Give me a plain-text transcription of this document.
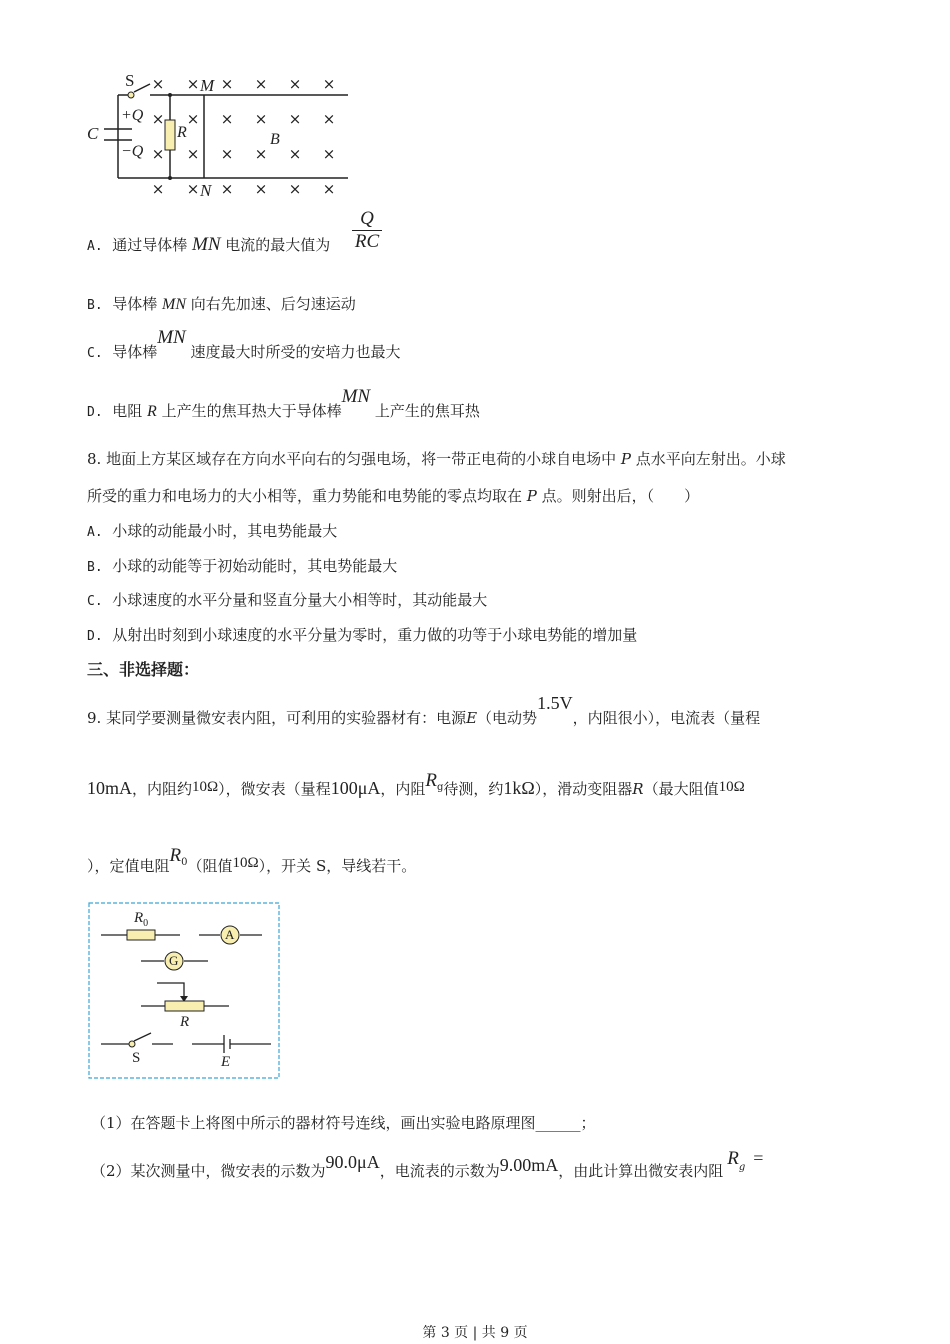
× × × × × ×
× × × × × ×
× × × × × ×
× × × × × ×
S	M
N
C
+Q
−Q
R	B
A. 通过导体棒 MN 电流的最大值为 $\frac{Q}{RC}$
B. 导体棒 MN 向右先加速、后匀速运动
C. 导体棒MN 速度最大时所受的安培力也最大
D. 电阻 R 上产生的焦耳热大于导体棒MN 上产生的焦耳热
8. 地面上方某区域存在方向水平向右的匀强电场，将一带正电荷的小球自电场中 P 点水平向左射出。小球
所受的重力和电场力的大小相等，重力势能和电势能的零点均取在 P 点。则射出后，（　　）
A. 小球的动能最小时，其电势能最大
B. 小球的动能等于初始动能时，其电势能最大
C. 小球速度的水平分量和竖直分量大小相等时，其动能最大
D. 从射出时刻到小球速度的水平分量为零时，重力做的功等于小球电势能的增加量
三、非选择题：
9. 某同学要测量微安表内阻，可利用的实验器材有：电源E（电动势1.5V，内阻很小），电流表（量程
10mA，内阻约10Ω），微安表（量程100μA，内阻$R_g$待测，约1kΩ），滑动变阻器R（最大阻值10Ω
），定值电阻$R_0$（阻值10Ω），开关 S，导线若干。
$R_0$
A
G
R
S	E
（1）在答题卡上将图中所示的器材符号连线，画出实验电路原理图______；
（2）某次测量中，微安表的示数为90.0μA，电流表的示数为9.00mA，由此计算出微安表内阻$R_g$ =
第 3 页 | 共 9 页
